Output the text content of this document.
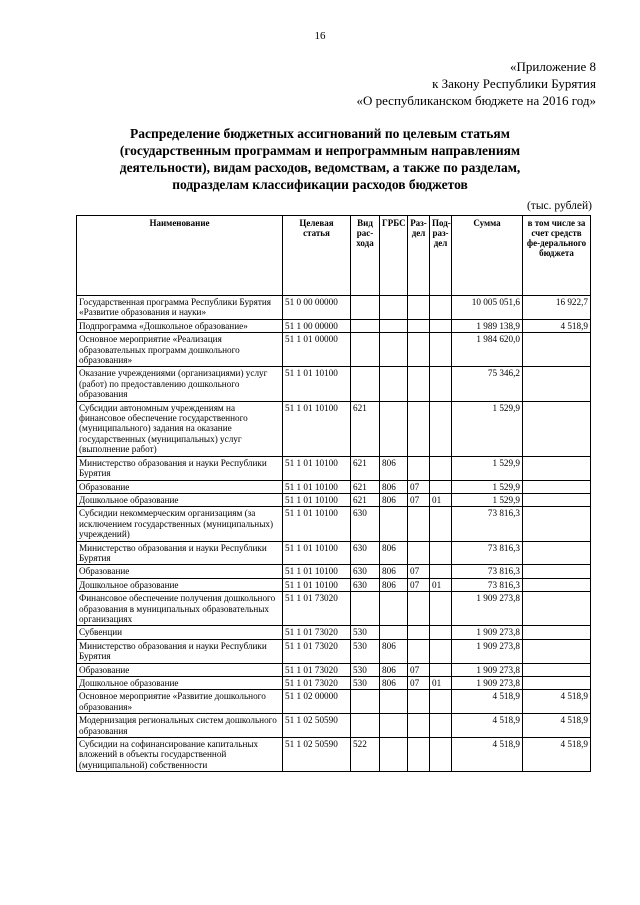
16
«Приложение 8
к Закону Республики Бурятия
«О республиканском бюджете на 2016 год»
Распределение бюджетных ассигнований по целевым статьям
(государственным программам и непрограммным направлениям
деятельности), видам расходов, ведомствам, а также по разделам,
подразделам классификации расходов бюджетов
(тыс. рублей)
Наименование	Целевая статья	Вид рас-хода	ГРБС	Раз-дел	Под-раз-дел	Сумма	в том числе за счет средств фе-дерального бюджета
Государственная программа Республики Бурятия «Развитие образования и науки»	51 0 00 00000					10 005 051,6	16 922,7
Подпрограмма «Дошкольное образование»	51 1 00 00000					1 989 138,9	4 518,9
Основное мероприятие «Реализация образовательных программ дошкольного образования»	51 1 01 00000					1 984 620,0	
Оказание учреждениями (организациями) услуг (работ) по предоставлению дошкольного образования	51 1 01 10100					75 346,2	
Субсидии автономным учреждениям на финансовое обеспечение государственного (муниципального) задания на оказание государственных (муниципальных) услуг (выполнение работ)	51 1 01 10100	621				1 529,9	
Министерство образования и науки Республики Бурятия	51 1 01 10100	621	806			1 529,9	
Образование	51 1 01 10100	621	806	07		1 529,9	
Дошкольное образование	51 1 01 10100	621	806	07	01	1 529,9	
Субсидии некоммерческим организациям (за исключением государственных (муниципальных) учреждений)	51 1 01 10100	630				73 816,3	
Министерство образования и науки Республики Бурятия	51 1 01 10100	630	806			73 816,3	
Образование	51 1 01 10100	630	806	07		73 816,3	
Дошкольное образование	51 1 01 10100	630	806	07	01	73 816,3	
Финансовое обеспечение получения дошкольного образования в муниципальных образовательных организациях	51 1 01 73020					1 909 273,8	
Субвенции	51 1 01 73020	530				1 909 273,8	
Министерство образования и науки Республики Бурятия	51 1 01 73020	530	806			1 909 273,8	
Образование	51 1 01 73020	530	806	07		1 909 273,8	
Дошкольное образование	51 1 01 73020	530	806	07	01	1 909 273,8	
Основное мероприятие «Развитие дошкольного образования»	51 1 02 00000					4 518,9	4 518,9
Модернизация региональных систем дошкольного образования	51 1 02 50590					4 518,9	4 518,9
Субсидии на софинансирование капитальных вложений в объекты государственной (муниципальной) собственности	51 1 02 50590	522				4 518,9	4 518,9
